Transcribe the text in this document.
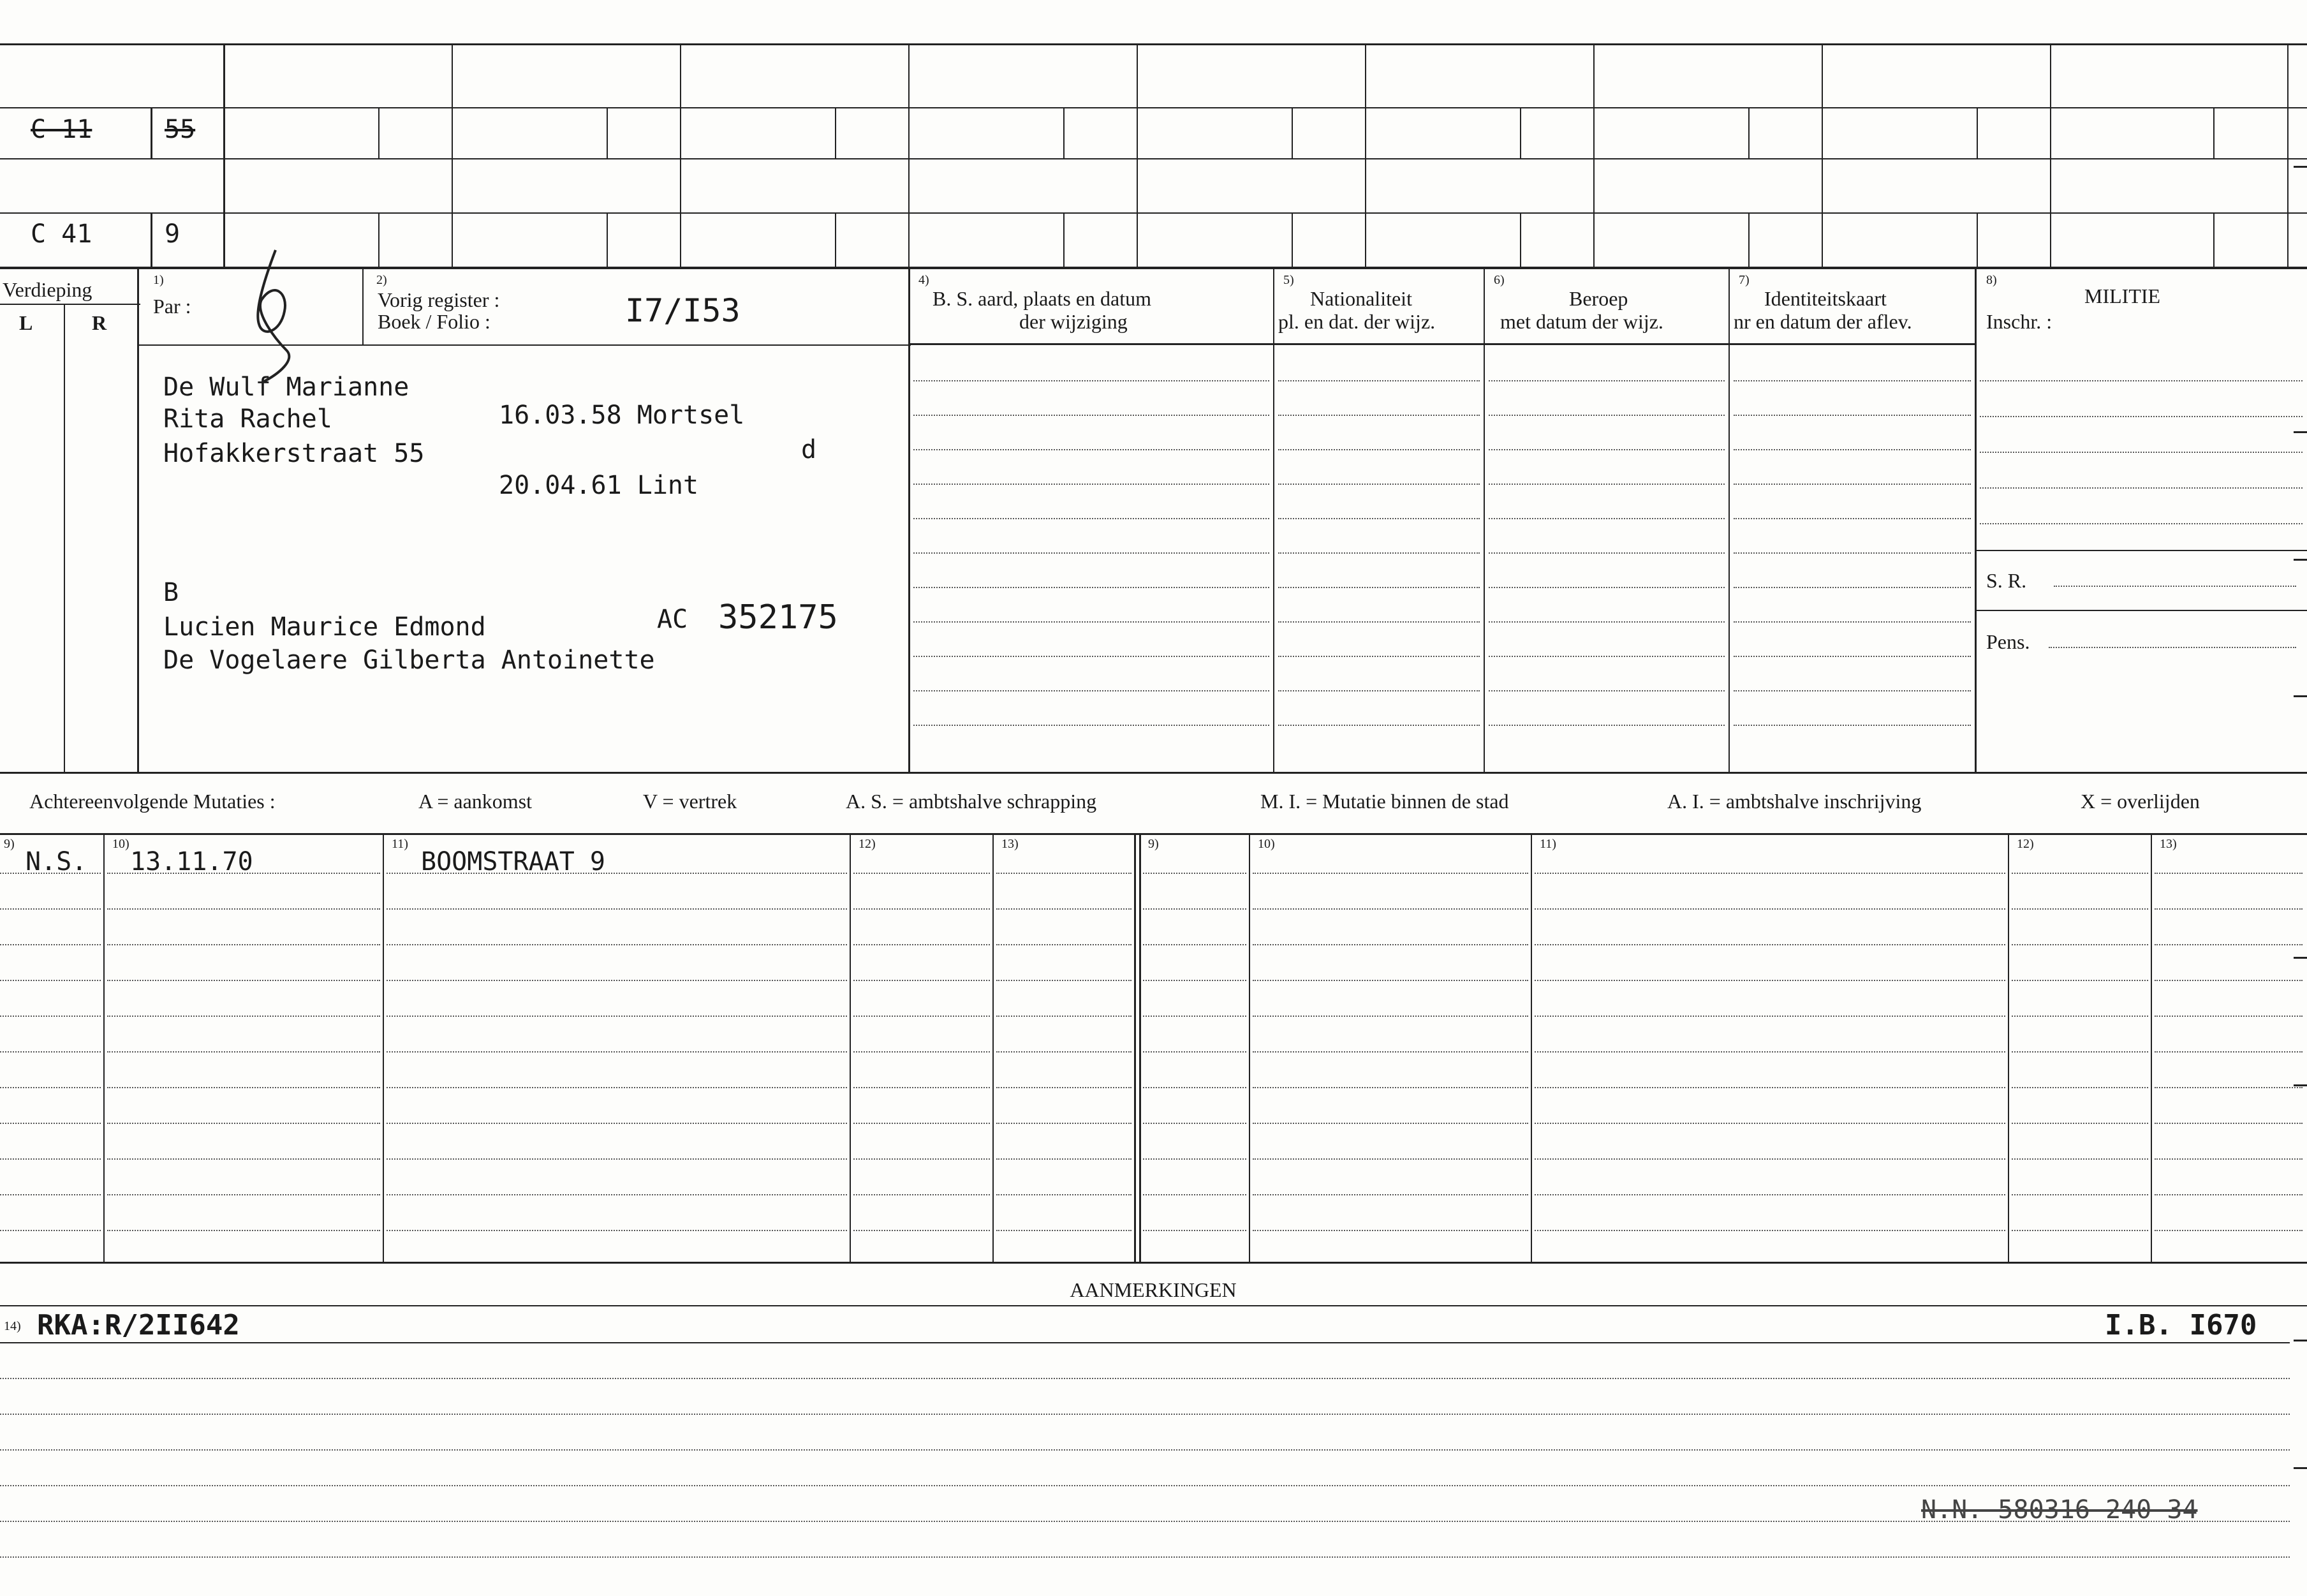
C 11	55
C 41	9
Verdieping
L	R
1)
Par :
2)
Vorig register :
Boek / Folio :	I7/I53
4)
B. S. aard, plaats en datum
der wijziging
5)
Nationaliteit
pl. en dat. der wijz.
6)
Beroep
met datum der wijz.
7)
Identiteitskaart
nr en datum der aflev.
8)
MILITIE
Inschr. :
S. R.
Pens.
De Wulf Marianne
Rita Rachel	16.03.58 Mortsel
Hofakkerstraat 55	d
20.04.61 Lint
B
Lucien Maurice Edmond	AC 352175
De Vogelaere Gilberta Antoinette
Achtereenvolgende Mutaties :	A = aankomst	V = vertrek	A. S. = ambtshalve schrapping	M. I. = Mutatie binnen de stad	A. I. = ambtshalve inschrijving	X = overlijden
9)	10)	11)	12)	13)	9)	10)	11)	12)	13)
N.S. 13.11.70	BOOMSTRAAT 9
AANMERKINGEN
14) RKA:R/2II642	I.B. I670
N.N. 580316 240 34
